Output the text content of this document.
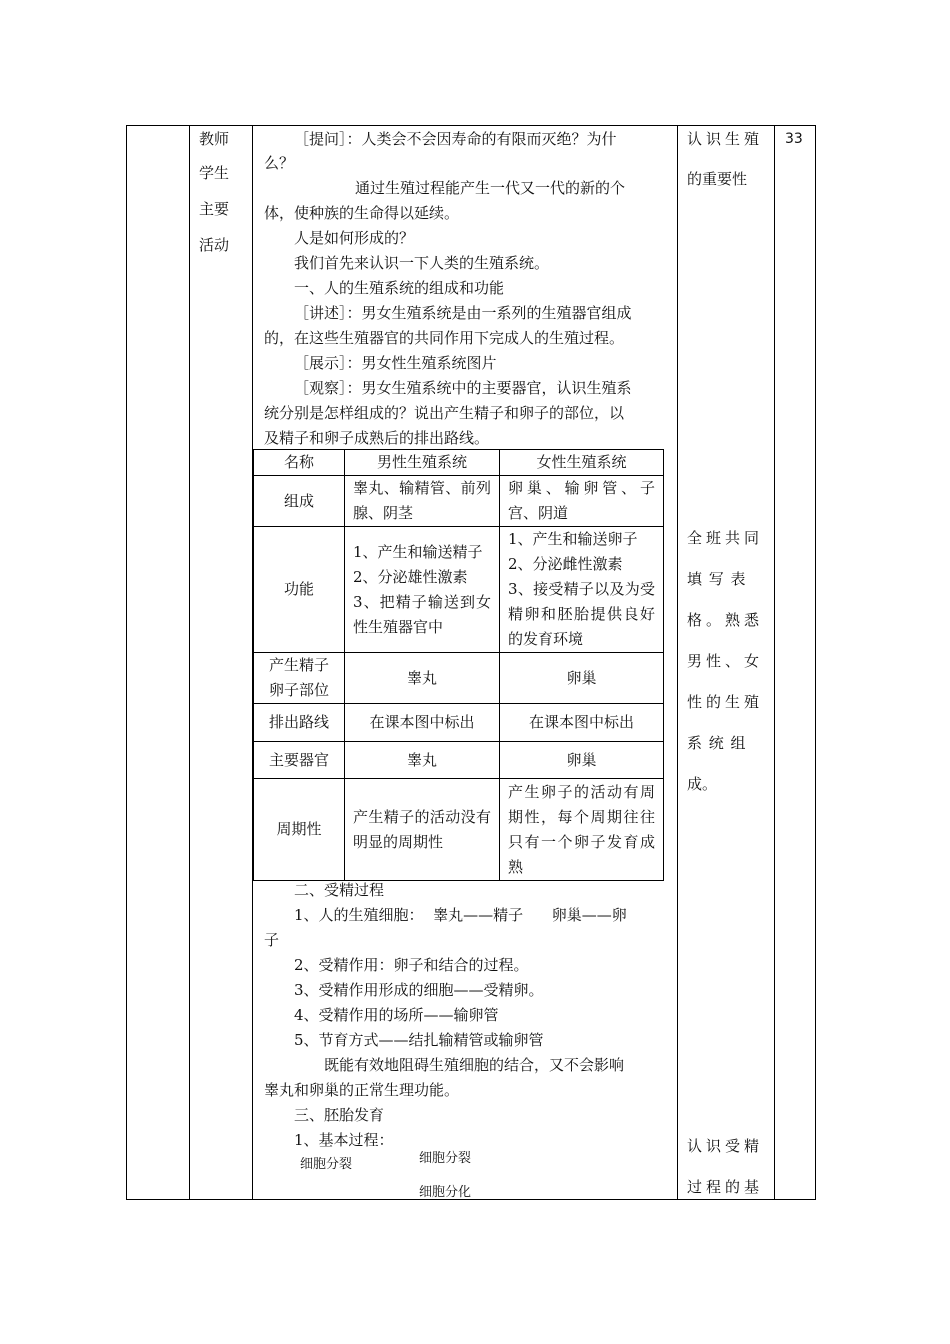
教师
学生
主要
活动
33
［提问］：人类会不会因寿命的有限而灭绝？为什
么？
通过生殖过程能产生一代又一代的新的个
体，使种族的生命得以延续。
人是如何形成的？
我们首先来认识一下人类的生殖系统。
一、人的生殖系统的组成和功能
［讲述］：男女生殖系统是由一系列的生殖器官组成
的，在这些生殖器官的共同作用下完成人的生殖过程。
［展示］：男女性生殖系统图片
［观察］：男女生殖系统中的主要器官，认识生殖系
统分别是怎样组成的？说出产生精子和卵子的部位，以
及精子和卵子成熟后的排出路线。
名称	男性生殖系统	女性生殖系统
组成	睾丸、输精管、前列腺、阴茎	卵巢、输卵管、子宫、阴道
功能	1、产生和输送精子
2、分泌雄性激素
3、把精子输送到女性生殖器官中	1、产生和输送卵子
2、分泌雌性激素
3、接受精子以及为受精卵和胚胎提供良好的发育环境
产生精子卵子部位	睾丸	卵巢
排出路线	在课本图中标出	在课本图中标出
主要器官	睾丸	卵巢
周期性	产生精子的活动没有明显的周期性	产生卵子的活动有周期性，每个周期往往只有一个卵子发育成熟
二、受精过程
1、人的生殖细胞：  睾丸——精子      卵巢——卵
子
2、受精作用：卵子和结合的过程。
3、受精作用形成的细胞——受精卵。
4、受精作用的场所——输卵管
5、节育方式——结扎输精管或输卵管
既能有效地阻碍生殖细胞的结合，又不会影响
睾丸和卵巢的正常生理功能。
三、胚胎发育
1、基本过程：
细胞分裂	细胞分裂
细胞分化
认识生殖
的重要性
全班共同
填 写 表
格。熟悉
男性、女
性的生殖
系 统 组
成。
认识受精
过程的基
